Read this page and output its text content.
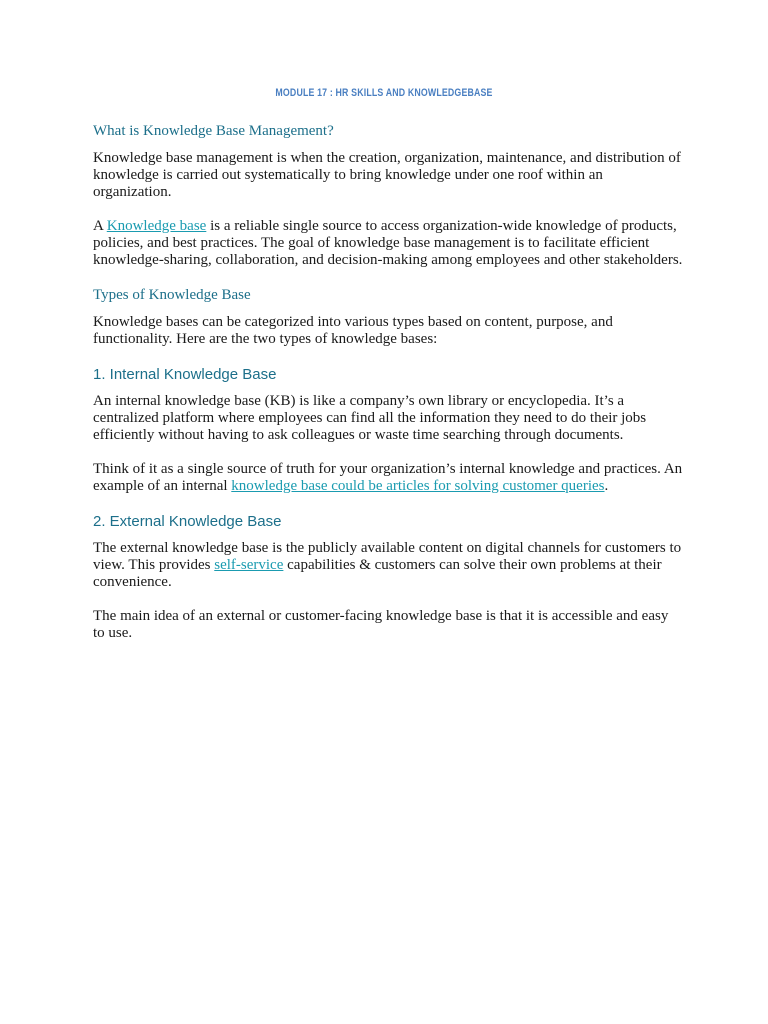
MODULE 17 : HR SKILLS AND KNOWLEDGEBASE
What is Knowledge Base Management?

Knowledge base management is when the creation, organization, maintenance, and distribution of knowledge is carried out systematically to bring knowledge under one roof within an organization.

A Knowledge base is a reliable single source to access organization-wide knowledge of products, policies, and best practices. The goal of knowledge base management is to facilitate efficient knowledge-sharing, collaboration, and decision-making among employees and other stakeholders.

Types of Knowledge Base

Knowledge bases can be categorized into various types based on content, purpose, and functionality. Here are the two types of knowledge bases:

1. Internal Knowledge Base

An internal knowledge base (KB) is like a company’s own library or encyclopedia. It’s a centralized platform where employees can find all the information they need to do their jobs efficiently without having to ask colleagues or waste time searching through documents.

Think of it as a single source of truth for your organization’s internal knowledge and practices. An example of an internal knowledge base could be articles for solving customer queries.

2. External Knowledge Base

The external knowledge base is the publicly available content on digital channels for customers to view. This provides self-service capabilities & customers can solve their own problems at their convenience.

The main idea of an external or customer-facing knowledge base is that it is accessible and easy to use.
